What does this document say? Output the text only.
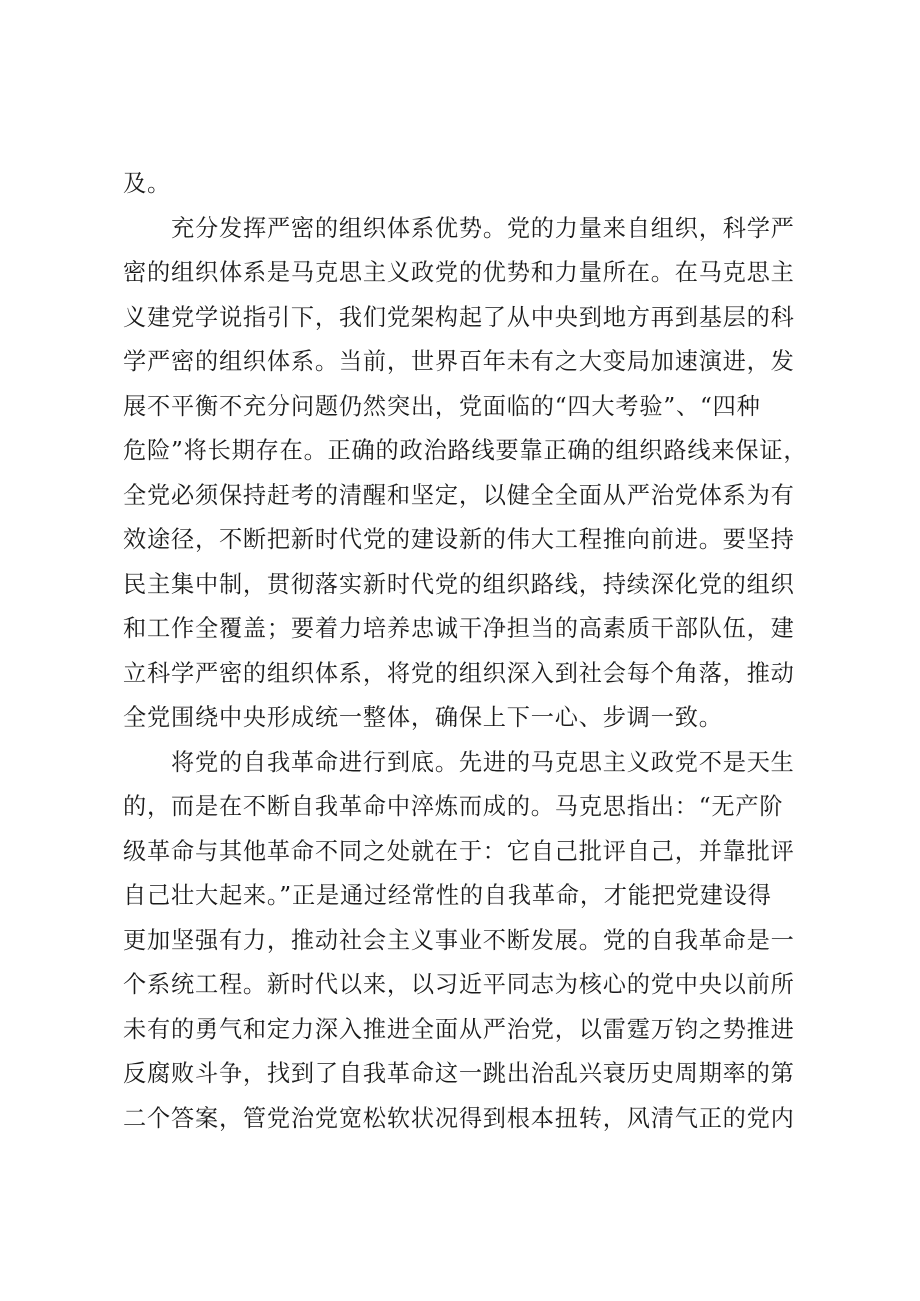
及。
充分发挥严密的组织体系优势。党的力量来自组织，科学严
密的组织体系是马克思主义政党的优势和力量所在。在马克思主
义建党学说指引下，我们党架构起了从中央到地方再到基层的科
学严密的组织体系。当前，世界百年未有之大变局加速演进，发
展不平衡不充分问题仍然突出，党面临的“四大考验”、“四种
危险”将长期存在。正确的政治路线要靠正确的组织路线来保证，
全党必须保持赶考的清醒和坚定，以健全全面从严治党体系为有
效途径，不断把新时代党的建设新的伟大工程推向前进。要坚持
民主集中制，贯彻落实新时代党的组织路线，持续深化党的组织
和工作全覆盖；要着力培养忠诚干净担当的高素质干部队伍，建
立科学严密的组织体系，将党的组织深入到社会每个角落，推动
全党围绕中央形成统一整体，确保上下一心、步调一致。
将党的自我革命进行到底。先进的马克思主义政党不是天生
的，而是在不断自我革命中淬炼而成的。马克思指出：“无产阶
级革命与其他革命不同之处就在于：它自己批评自己，并靠批评
自己壮大起来。”正是通过经常性的自我革命，才能把党建设得
更加坚强有力，推动社会主义事业不断发展。党的自我革命是一
个系统工程。新时代以来，以习近平同志为核心的党中央以前所
未有的勇气和定力深入推进全面从严治党，以雷霆万钧之势推进
反腐败斗争，找到了自我革命这一跳出治乱兴衰历史周期率的第
二个答案，管党治党宽松软状况得到根本扭转，风清气正的党内
